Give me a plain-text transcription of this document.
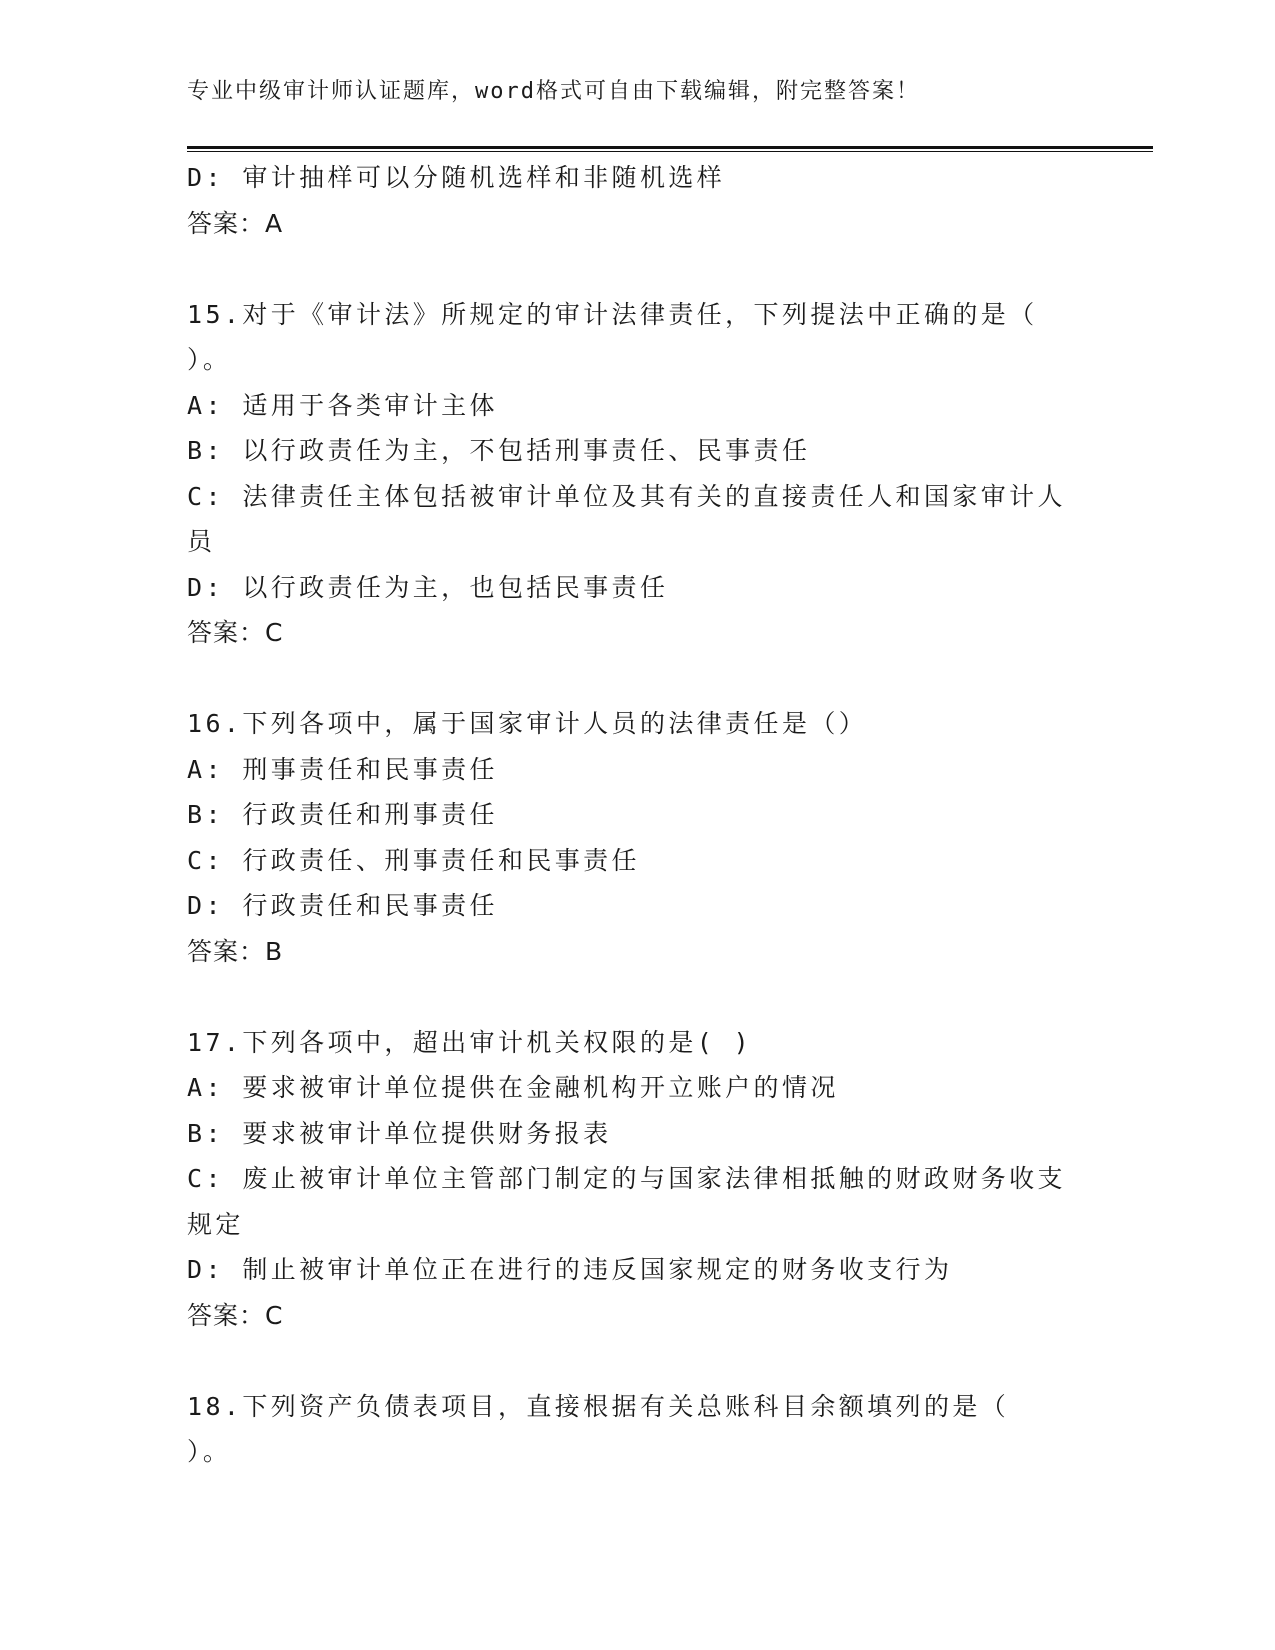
专业中级审计师认证题库，word格式可自由下载编辑，附完整答案！
D: 审计抽样可以分随机选样和非随机选样
答案：A
15.对于《审计法》所规定的审计法律责任，下列提法中正确的是（
）。
A: 适用于各类审计主体
B: 以行政责任为主，不包括刑事责任、民事责任
C: 法律责任主体包括被审计单位及其有关的直接责任人和国家审计人
员
D: 以行政责任为主，也包括民事责任
答案：C
16.下列各项中，属于国家审计人员的法律责任是（）
A: 刑事责任和民事责任
B: 行政责任和刑事责任
C: 行政责任、刑事责任和民事责任
D: 行政责任和民事责任
答案：B
17.下列各项中，超出审计机关权限的是( )
A: 要求被审计单位提供在金融机构开立账户的情况
B: 要求被审计单位提供财务报表
C: 废止被审计单位主管部门制定的与国家法律相抵触的财政财务收支
规定
D: 制止被审计单位正在进行的违反国家规定的财务收支行为
答案：C
18.下列资产负债表项目，直接根据有关总账科目余额填列的是（
）。
